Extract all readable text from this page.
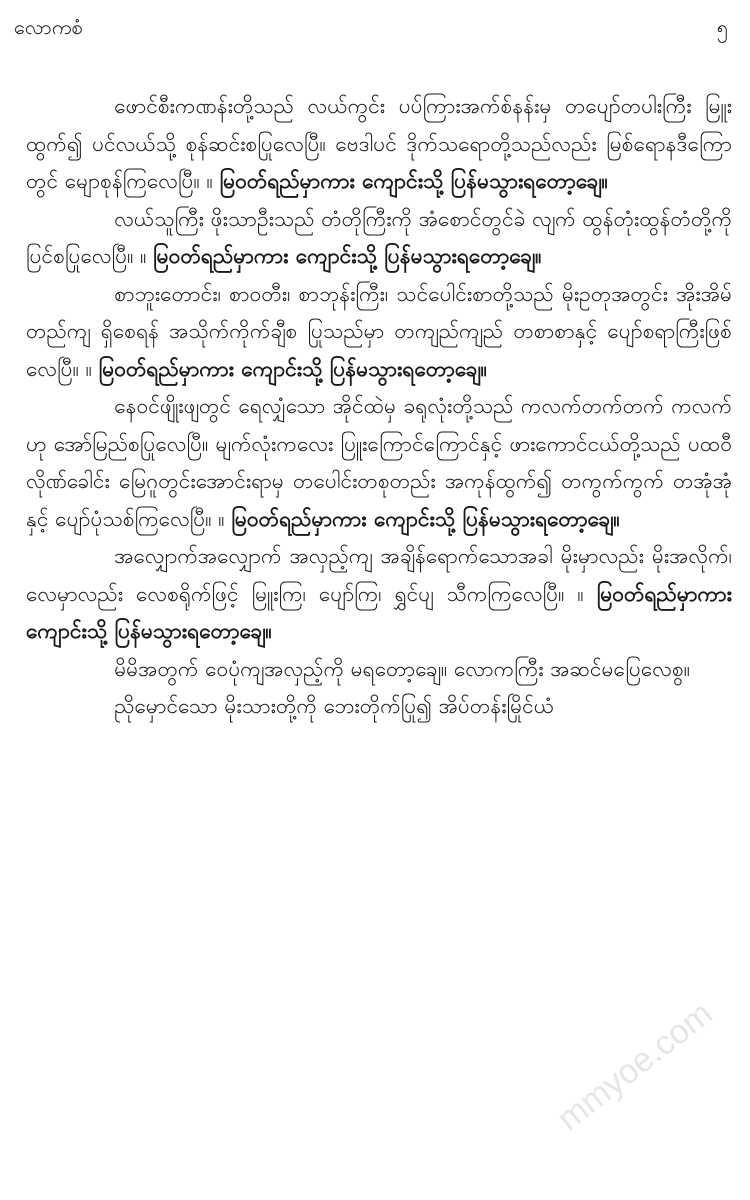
လောကစံ	၅

ဖောင်စီးကဏန်းတို့သည် လယ်ကွင်း ပပ်ကြားအက်စ်နန်းမှ တပျော်တပါးကြီး မြူးထွက်၍ ပင်လယ်သို့ စုန်ဆင်းစပြုလေပြီ။ ဗေဒါပင် ဒိုက်သရောတို့သည်လည်း မြစ်ရောနဒီကြောတွင် မျောစုန်ကြလေပြီ။ ။ မြဝတ်ရည်မှာကား ကျောင်းသို့ ပြန်မသွားရတော့ချေ။

လယ်သူကြီး ဖိုးသာဦးသည် တံတိုကြီးကို အံစောင်တွင်ခဲ လျက် ထွန်တုံးထွန်တံတို့ကို ပြင်စပြုလေပြီ။ ။ မြဝတ်ရည်မှာကား ကျောင်းသို့ ပြန်မသွားရတော့ချေ။

စာဘူးတောင်း၊ စာဝတီး၊ စာဘုန်းကြီး၊ သင်ပေါင်းစာတို့သည် မိုးဥတုအတွင်း အိုးအိမ်တည်ကျ ရှိစေရန် အသိုက်ကိုက်ချီစ ပြုသည်မှာ တကျည်ကျည် တစာစာနှင့် ပျော်စရာကြီးဖြစ်လေပြီ။ ။ မြဝတ်ရည်မှာကား ကျောင်းသို့ ပြန်မသွားရတော့ချေ။

နေဝင်ဖျိုးဖျတွင် ရေလျှံသော အိုင်ထဲမှ ခရုလုံးတို့သည် ကလက်တက်တက် ကလက်ဟု အော်မြည်စပြုလေပြီ။ မျက်လုံးကလေး ပြူးကြောင်ကြောင်နှင့် ဖားကောင်ငယ်တို့သည် ပထဝီလိုဏ်ခေါင်း မြေဂူတွင်းအောင်းရာမှ တပေါင်းတစုတည်း အကုန်ထွက်၍ တကွက်ကွက် တအုံအုံနှင့် ပျော်ပုံသစ်ကြလေပြီ။ ။ မြဝတ်ရည်မှာကား ကျောင်းသို့ ပြန်မသွားရတော့ချေ။

အလျှောက်အလျှောက် အလှည့်ကျ အချိန်ရောက်သောအခါ မိုးမှာလည်း မိုးအလိုက်၊ လေမှာလည်း လေစရိုက်ဖြင့် မြူးကြ၊ ပျော်ကြ၊ ရွှင်ပျ သီကကြလေပြီ။ ။ မြဝတ်ရည်မှာကား ကျောင်းသို့ ပြန်မသွားရတော့ချေ။

မိမိအတွက် ဝေပုံကျအလှည့်ကို မရတော့ချေ။ လောကကြီး အဆင်မပြေလေစွ။

ညိုမှောင်သော မိုးသားတို့ကို ဘေးတိုက်ပြု၍ အိပ်တန်းမြိုင်ယံ

mmyoe.com
